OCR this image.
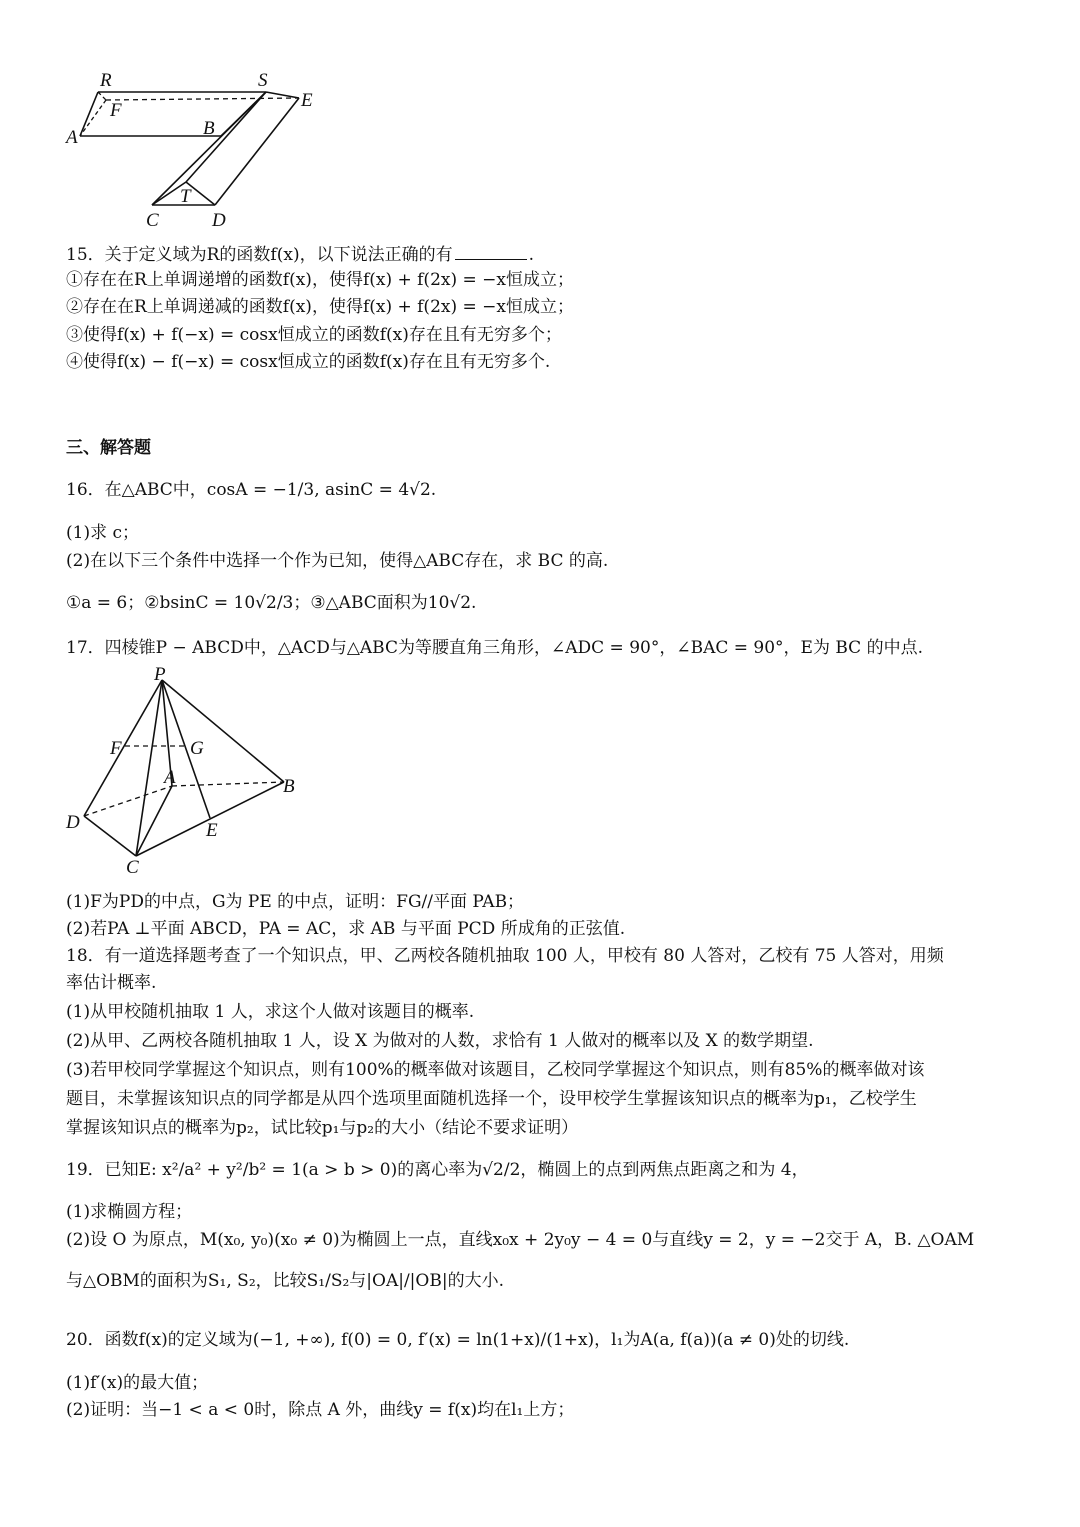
R	S
E
F
A	B
T
C	D
15．关于定义域为R的函数f(x)，以下说法正确的有	.
①存在在R上单调递增的函数f(x)，使得f(x) + f(2x) = −x恒成立；
②存在在R上单调递减的函数f(x)，使得f(x) + f(2x) = −x恒成立；
③使得f(x) + f(−x) = cosx恒成立的函数f(x)存在且有无穷多个；
④使得f(x) − f(−x) = cosx恒成立的函数f(x)存在且有无穷多个.
三、解答题
16．在△ABC中，cosA = −1/3, asinC = 4√2.
(1)求 c；
(2)在以下三个条件中选择一个作为已知，使得△ABC存在，求 BC 的高.
①a = 6；②bsinC = 10√2/3；③△ABC面积为10√2.
17．四棱锥P − ABCD中，△ACD与△ABC为等腰直角三角形，∠ADC = 90°，∠BAC = 90°，E为 BC 的中点.
P
F	G
A	B
D	E
C
(1)F为PD的中点，G为 PE 的中点，证明：FG//平面 PAB；
(2)若PA ⊥平面 ABCD，PA = AC，求 AB 与平面 PCD 所成角的正弦值.
18．有一道选择题考查了一个知识点，甲、乙两校各随机抽取 100 人，甲校有 80 人答对，乙校有 75 人答对，用频
率估计概率.
(1)从甲校随机抽取 1 人，求这个人做对该题目的概率.
(2)从甲、乙两校各随机抽取 1 人，设 X 为做对的人数，求恰有 1 人做对的概率以及 X 的数学期望.
(3)若甲校同学掌握这个知识点，则有100%的概率做对该题目，乙校同学掌握这个知识点，则有85%的概率做对该
题目，未掌握该知识点的同学都是从四个选项里面随机选择一个，设甲校学生掌握该知识点的概率为p₁，乙校学生
掌握该知识点的概率为p₂，试比较p₁与p₂的大小（结论不要求证明）
19．已知E: x²/a² + y²/b² = 1(a > b > 0)的离心率为√2/2，椭圆上的点到两焦点距离之和为 4，
(1)求椭圆方程；
(2)设 O 为原点，M(x₀, y₀)(x₀ ≠ 0)为椭圆上一点，直线x₀x + 2y₀y − 4 = 0与直线y = 2，y = −2交于 A，B. △OAM
与△OBM的面积为S₁, S₂，比较S₁/S₂与|OA|/|OB|的大小.
20．函数f(x)的定义域为(−1, +∞), f(0) = 0, f′(x) = ln(1+x)/(1+x)，l₁为A(a, f(a))(a ≠ 0)处的切线.
(1)f′(x)的最大值；
(2)证明：当−1 < a < 0时，除点 A 外，曲线y = f(x)均在l₁上方；
